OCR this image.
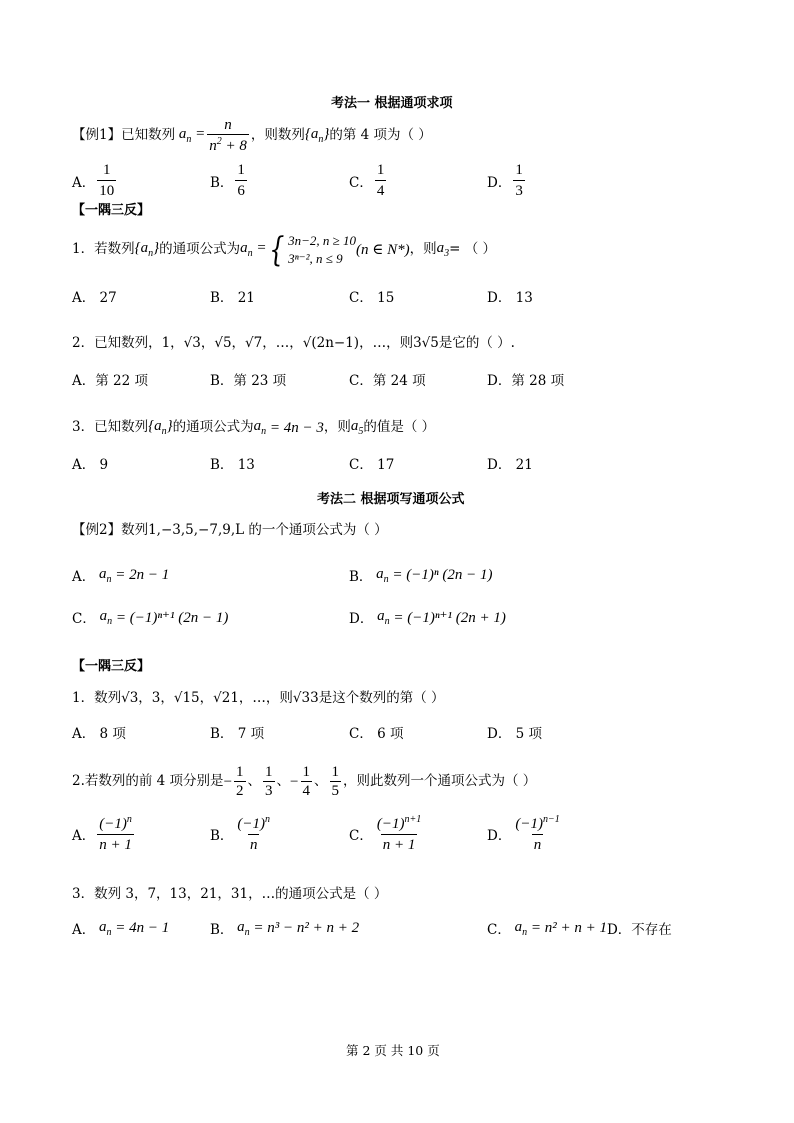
考法一 根据通项求项
【例1】 已知数列 $a_n = \frac{n}{n^2 + 8}$ ，则数列 $\{a_n\}$ 的第 4 项为（ ）
A． $\frac{1}{10}$	B． $\frac{1}{6}$	C． $\frac{1}{4}$	D． $\frac{1}{3}$
【一隅三反】
1．若数列 $\{a_n\}$ 的通项公式为 $a_n$ = { 3n−2, n ≥ 10
3ⁿ⁻², n ≤ 9
(n ∈ N*) ，则 $a_3$ = （ ）
A． 27	B． 21	C． 15	D． 13
2．已知数列，1，√3，√5，√7，…，√(2n−1)，…，则3√5是它的（ ）.
A．第 22 项	B．第 23 项	C．第 24 项	D．第 28 项
3．已知数列 $\{a_n\}$ 的通项公式为 $a_n = 4n - 3$ ，则 $a_5$ 的值是（ ）
A． 9	B． 13	C． 17	D． 21
考法二 根据项写通项公式
【例2】 数列1,−3,5,−7,9,L 的一个通项公式为（ ）
A． $a_n = 2n - 1$	B． $a_n = (-1)^n$ (2n − 1)
C． $a_n = (-1)^{n+1}$ (2n − 1)	D． $a_n = (-1)^{n+1}$ (2n + 1)
【一隅三反】
1．数列√3，3，√15，√21，…，则√33是这个数列的第（ ）
A． 8 项	B． 7 项	C． 6 项	D． 5 项
2.若数列的前 4 项分别是 − $\frac{1}{2}$ 、 $\frac{1}{3}$ 、 − $\frac{1}{4}$ 、 $\frac{1}{5}$ ，则此数列一个通项公式为（ ）
A． $\frac{(-1)^n}{n + 1}$	B． $\frac{(-1)^n}{n}$	C． $\frac{(-1)^{n+1}}{n + 1}$	D． $\frac{(-1)^{n-1}}{n}$
3．数列 3，7，13，21，31，…的通项公式是（ ）
A． $a_n = 4n - 1$	B． $a_n = n^3 - n^2 + n + 2$	C． $a_n = n^2 + n + 1$ D．不存在
第 2 页 共 10 页
